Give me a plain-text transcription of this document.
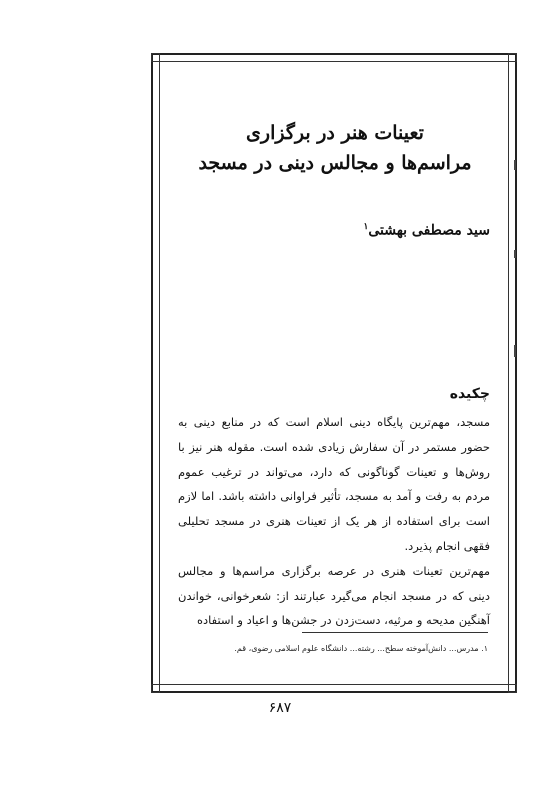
تعینات هنر در برگزاری
مراسم‌ها و مجالس دینی در مسجد
سید مصطفی بهشتی$^۱$
چکیده

مسجد، مهم‌ترین پایگاه دینی اسلام است که در منابع دینی به حضور مستمر در آن سفارش زیادی شده است. مقوله هنر نیز با روش‌ها و تعینات گوناگونی که دارد، می‌تواند در ترغیب عموم مردم به رفت و آمد به مسجد، تأثیر فراوانی داشته باشد. اما لازم است برای استفاده از هر یک از تعینات هنری در مسجد تحلیلی فقهی انجام پذیرد.

مهم‌ترین تعینات هنری در عرصه برگزاری مراسم‌ها و مجالس دینی که در مسجد انجام می‌گیرد عبارتند از: شعرخوانی، خواندن آهنگین مدیحه و مرثیه، دست‌زدن در جشن‌ها و اعیاد و استفاده

۱. مدرس... دانش‌آموخته سطح... رشته... دانشگاه علوم اسلامی رضوی، قم.
۶۸۷
